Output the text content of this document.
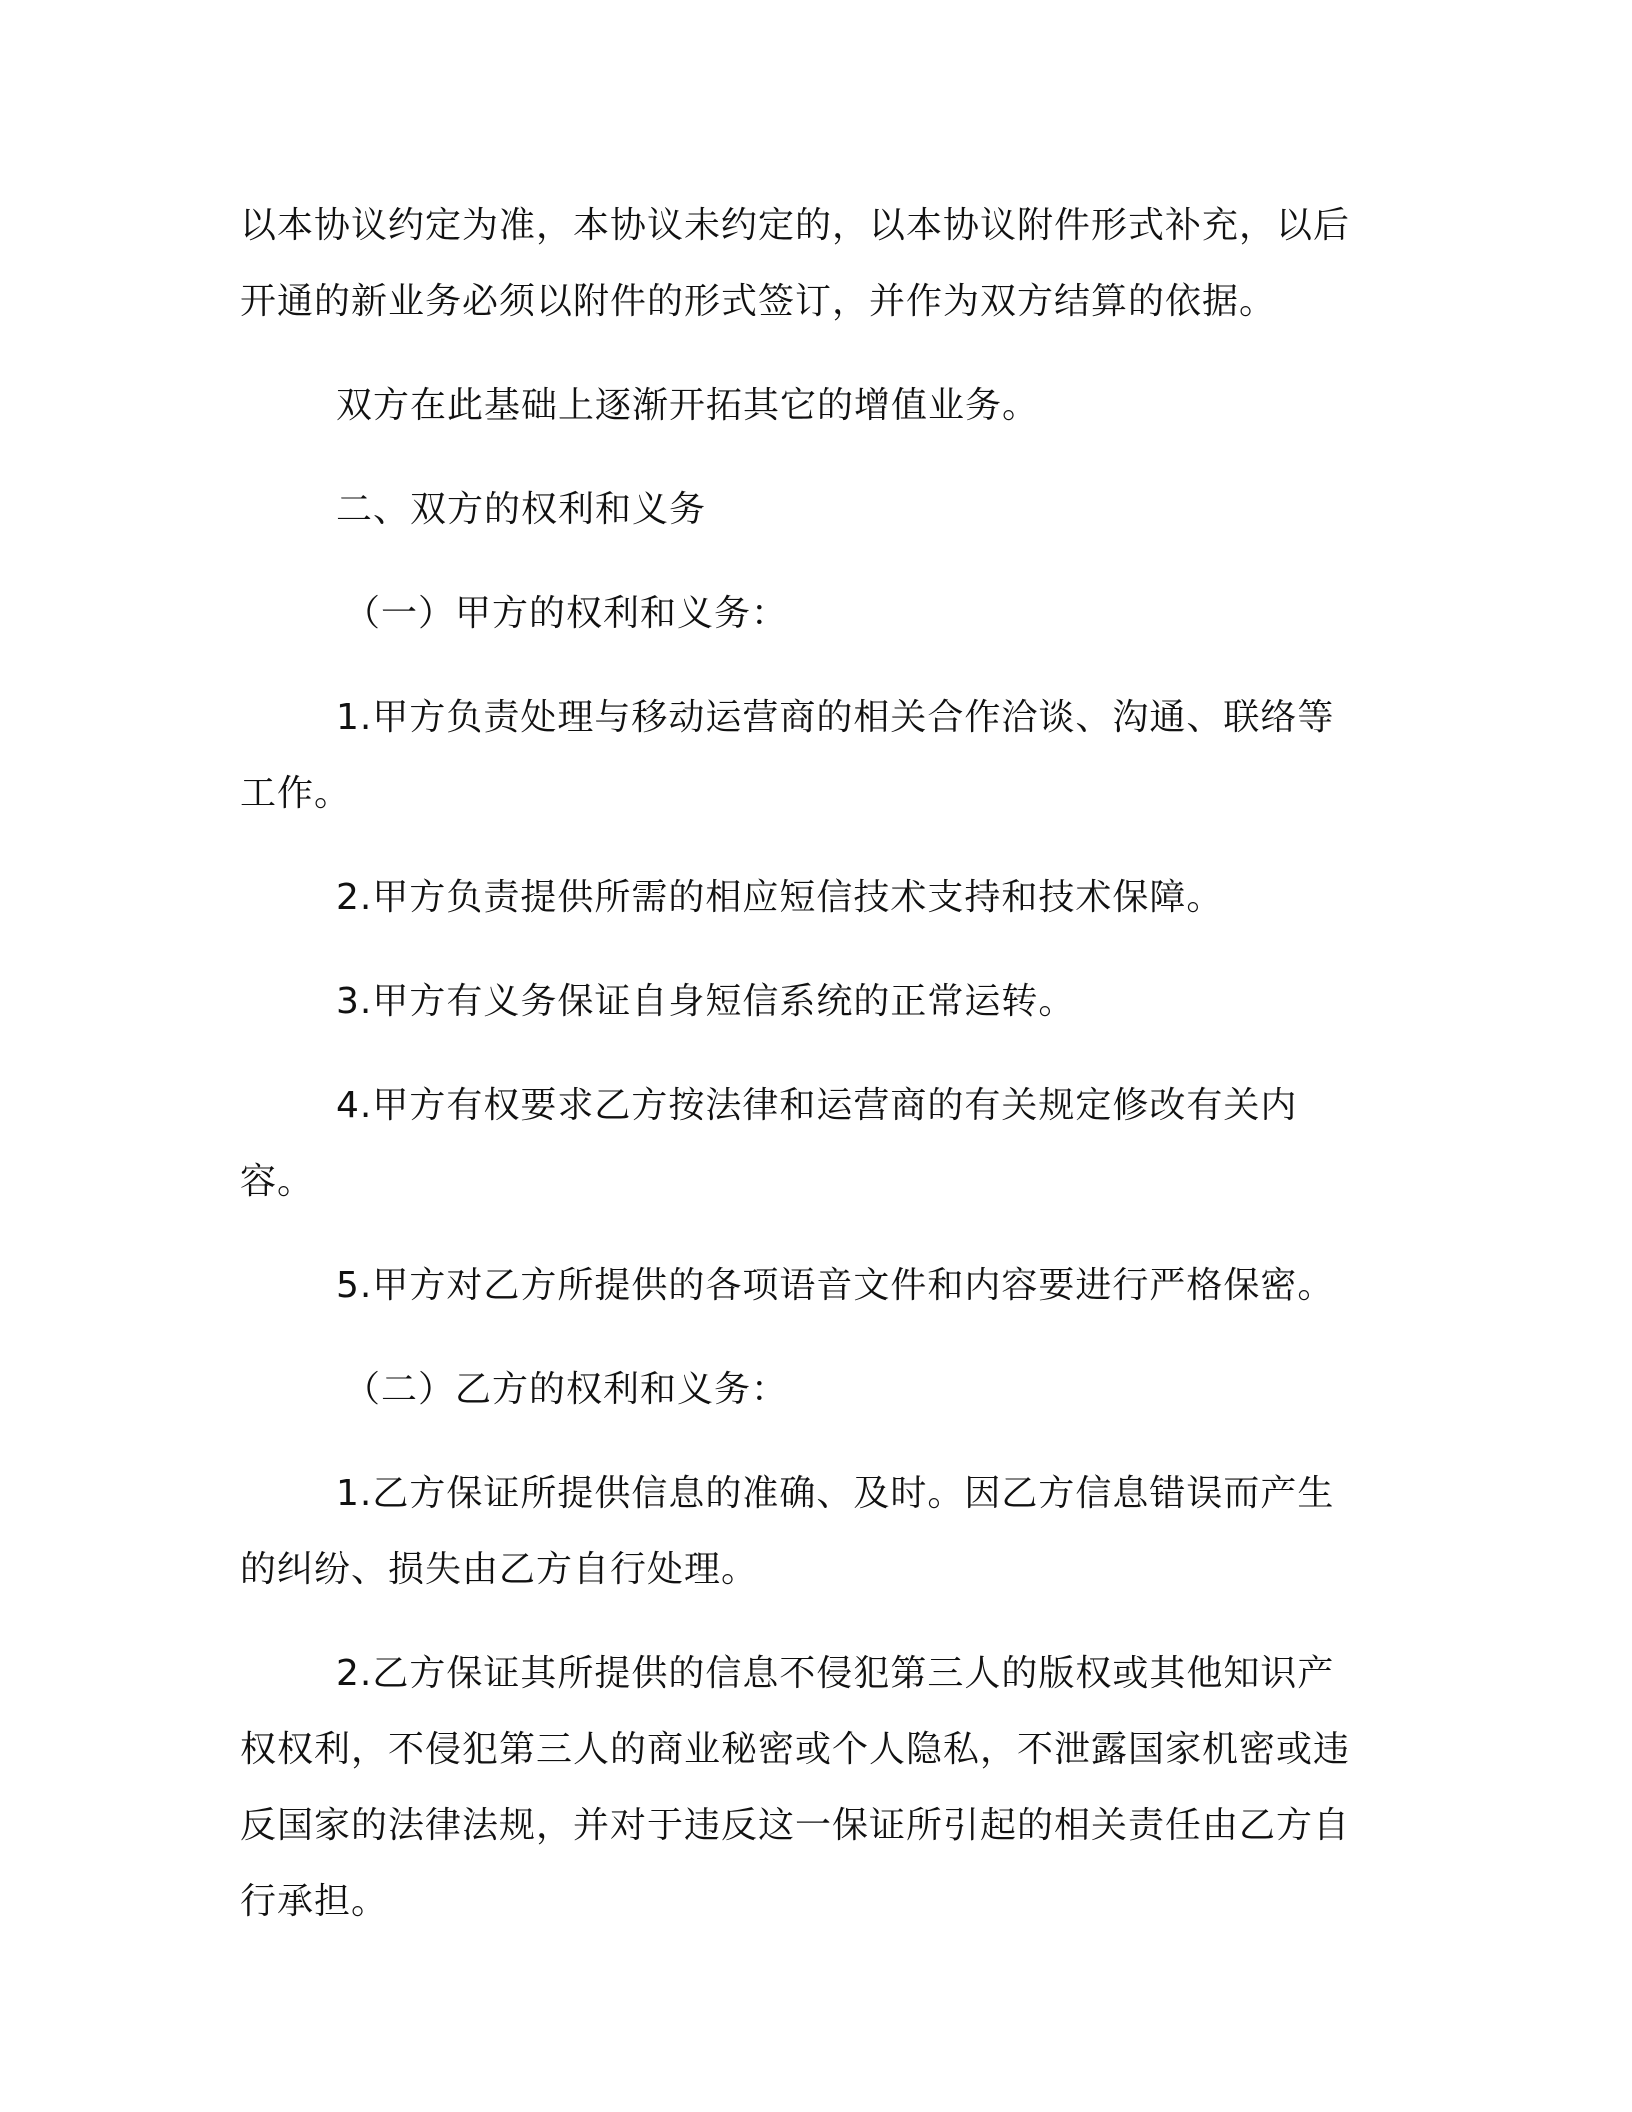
以本协议约定为准，本协议未约定的，以本协议附件形式补充，以后开通的新业务必须以附件的形式签订，并作为双方结算的依据。

双方在此基础上逐渐开拓其它的增值业务。

二、双方的权利和义务

（一）甲方的权利和义务：

1.甲方负责处理与移动运营商的相关合作洽谈、沟通、联络等工作。

2.甲方负责提供所需的相应短信技术支持和技术保障。

3.甲方有义务保证自身短信系统的正常运转。

4.甲方有权要求乙方按法律和运营商的有关规定修改有关内容。

5.甲方对乙方所提供的各项语音文件和内容要进行严格保密。

（二）乙方的权利和义务：

1.乙方保证所提供信息的准确、及时。因乙方信息错误而产生的纠纷、损失由乙方自行处理。

2.乙方保证其所提供的信息不侵犯第三人的版权或其他知识产权权利，不侵犯第三人的商业秘密或个人隐私，不泄露国家机密或违反国家的法律法规，并对于违反这一保证所引起的相关责任由乙方自行承担。
